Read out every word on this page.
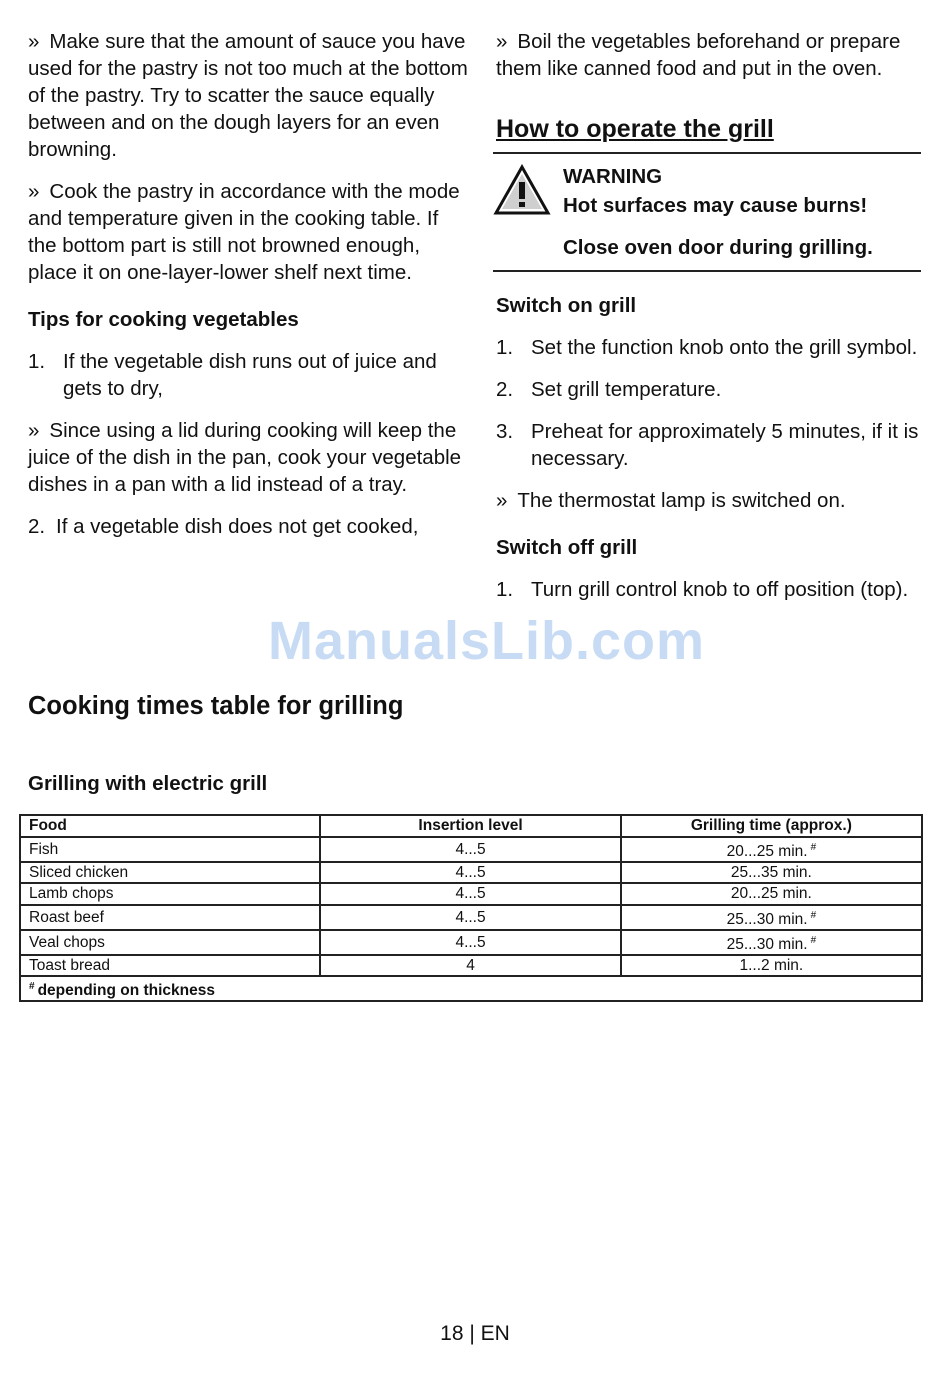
» Make sure that the amount of sauce you have used for the pastry is not too much at the bottom of the pastry. Try to scatter the sauce equally between and on the dough layers for an even browning.

» Cook the pastry in accordance with the mode and temperature given in the cooking table. If the bottom part is still not browned enough, place it on one-layer-lower shelf next time.

Tips for cooking vegetables
1. If the vegetable dish runs out of juice and gets to dry,

» Since using a lid during cooking will keep the juice of the dish in the pan, cook your vegetable dishes in a pan with a lid instead of a tray.

2. If a vegetable dish does not get cooked,

» Boil the vegetables beforehand or prepare them like canned food and put in the oven.

How to operate the grill
WARNING
Hot surfaces may cause burns!
Close oven door during grilling.
Switch on grill
1. Set the function knob onto the grill symbol.
2. Set grill temperature.
3. Preheat for approximately 5 minutes, if it is necessary.

» The thermostat lamp is switched on.

Switch off grill
1. Turn grill control knob to off position (top).
ManualsLib.com
Cooking times table for grilling
Grilling with electric grill
Food	Insertion level	Grilling time (approx.)
Fish	4...5	20...25 min. #
Sliced chicken	4...5	25...35 min.
Lamb chops	4...5	20...25 min.
Roast beef	4...5	25...30 min. #
Veal chops	4...5	25...30 min. #
Toast bread	4	1...2 min.
# depending on thickness		
18 | EN
